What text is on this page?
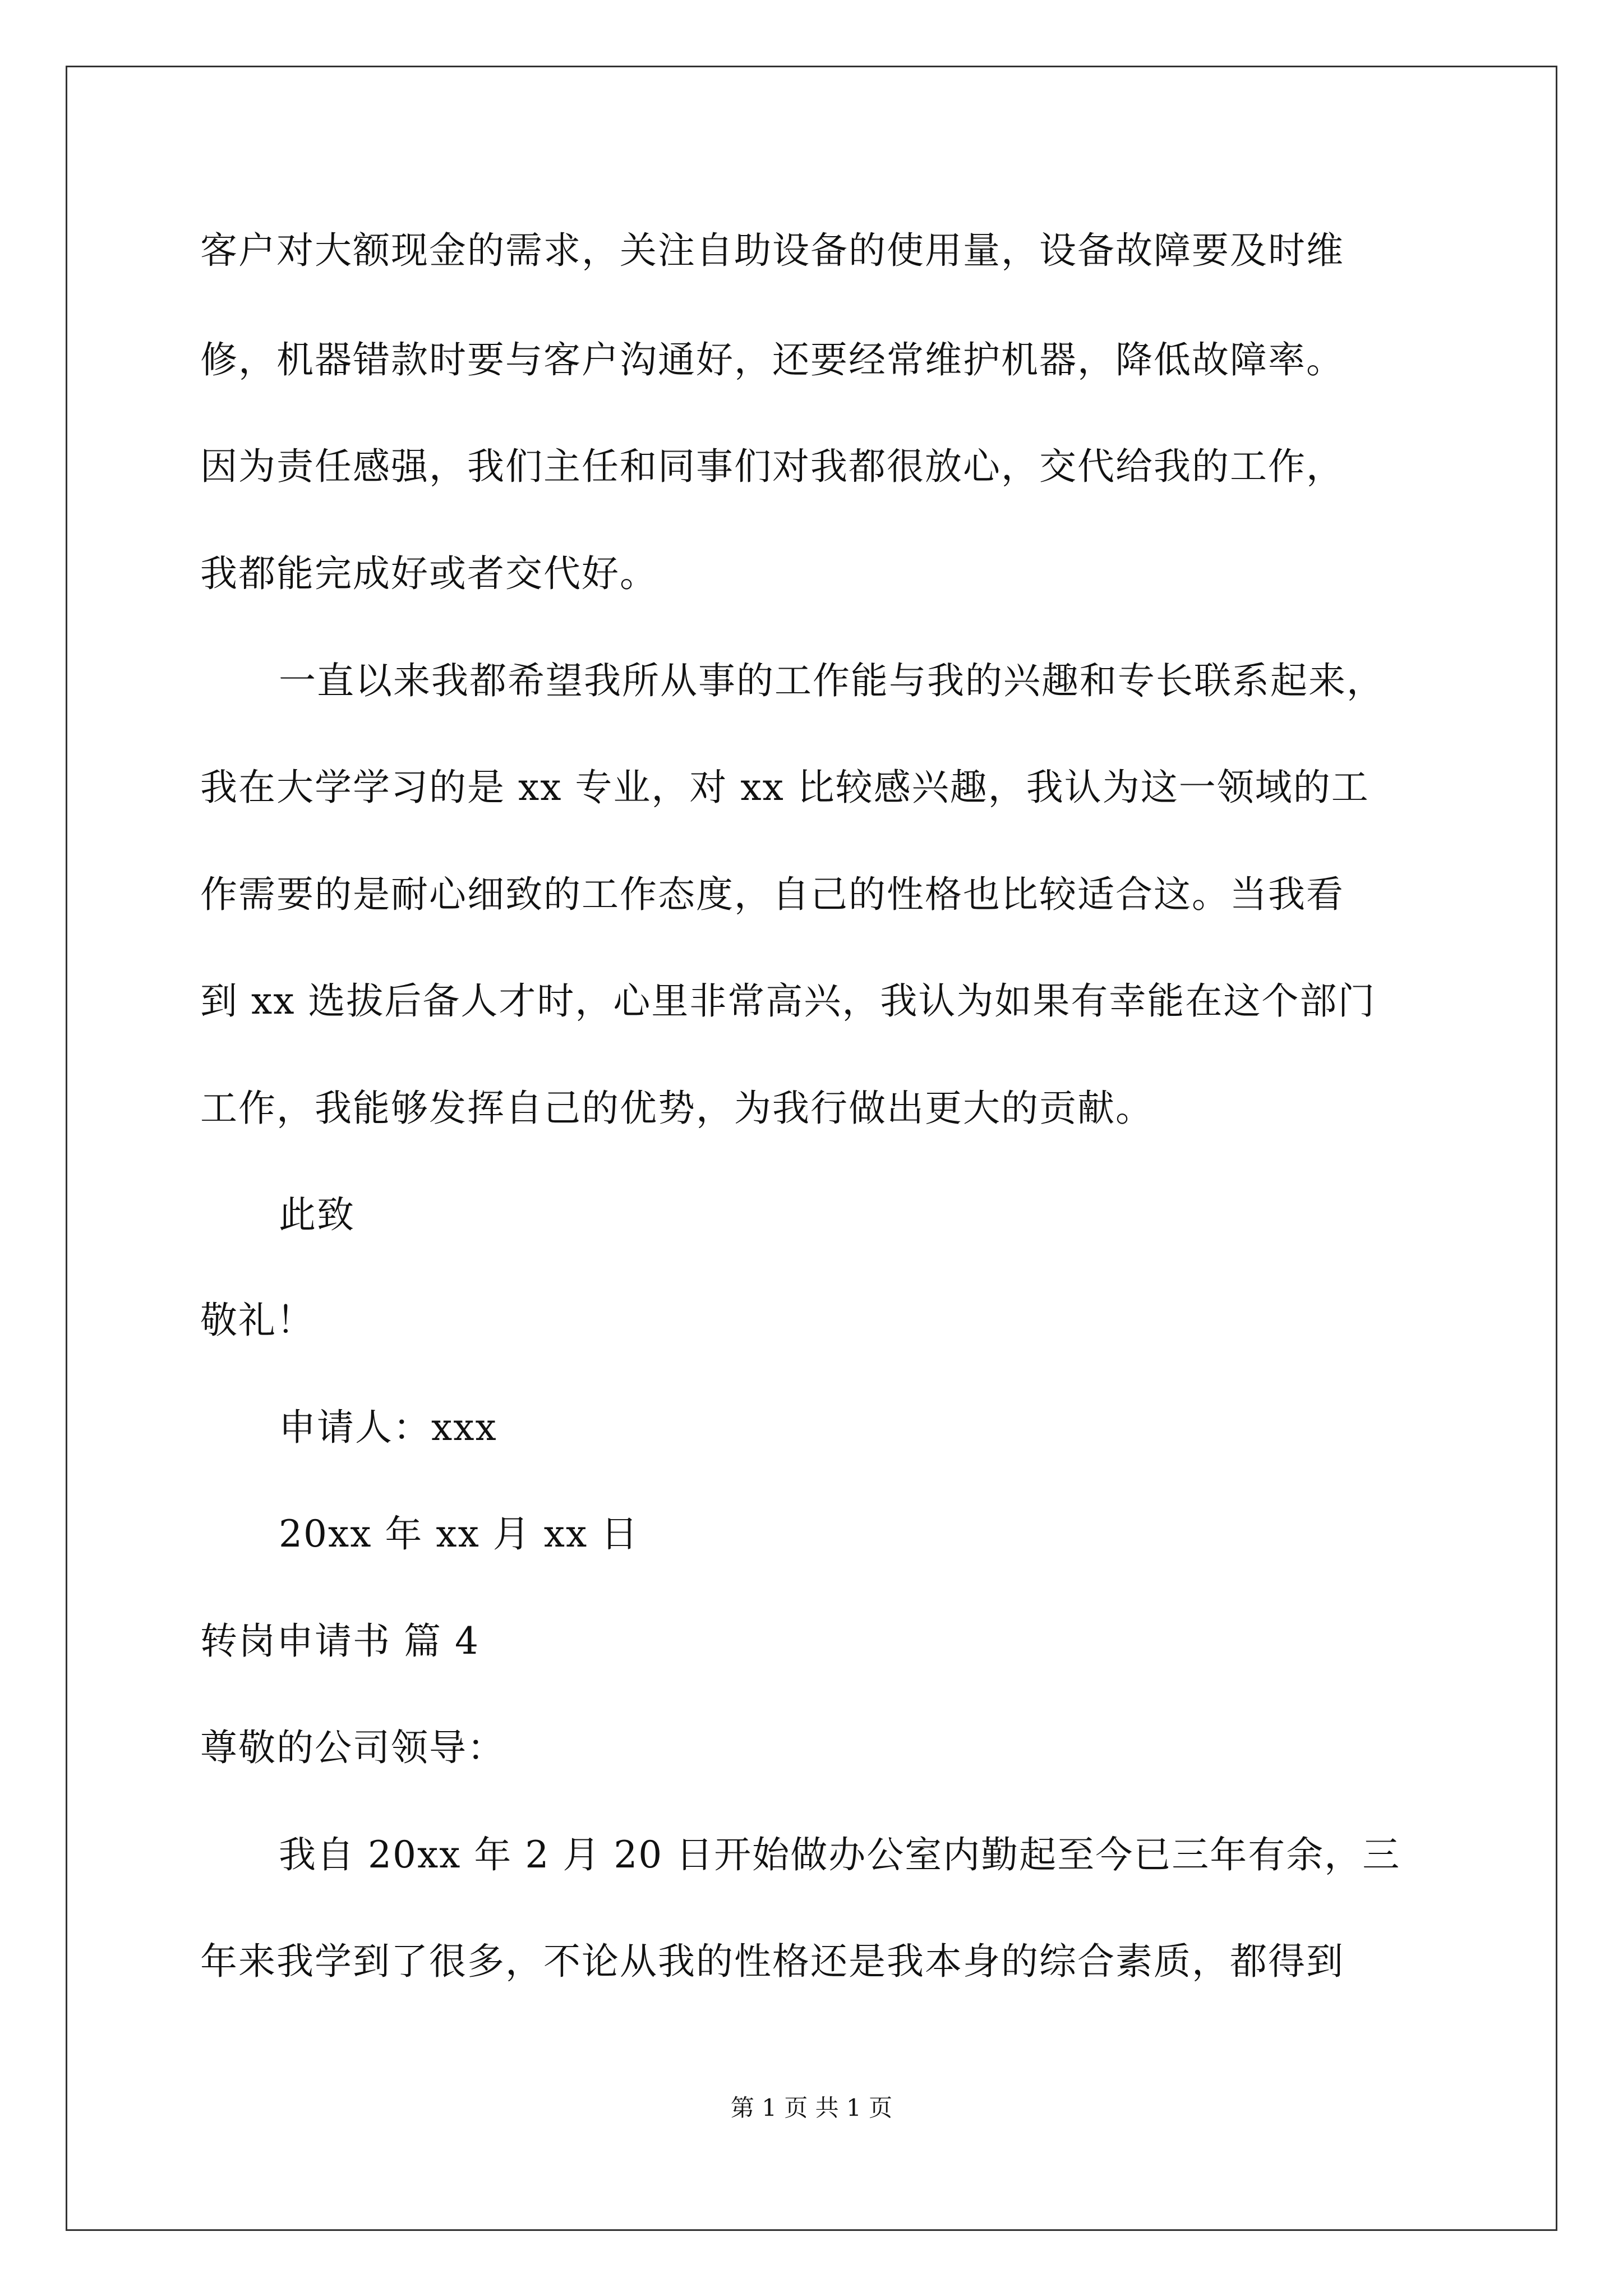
客户对大额现金的需求，关注自助设备的使用量，设备故障要及时维
修，机器错款时要与客户沟通好，还要经常维护机器，降低故障率。
因为责任感强，我们主任和同事们对我都很放心，交代给我的工作，
我都能完成好或者交代好。
一直以来我都希望我所从事的工作能与我的兴趣和专长联系起来，
我在大学学习的是 xx 专业，对 xx 比较感兴趣，我认为这一领域的工
作需要的是耐心细致的工作态度，自己的性格也比较适合这。当我看
到 xx 选拔后备人才时，心里非常高兴，我认为如果有幸能在这个部门
工作，我能够发挥自己的优势，为我行做出更大的贡献。
此致
敬礼！
申请人：xxx
20xx 年 xx 月 xx 日
转岗申请书 篇 4
尊敬的公司领导：
我自 20xx 年 2 月 20 日开始做办公室内勤起至今已三年有余，三
年来我学到了很多，不论从我的性格还是我本身的综合素质，都得到
第 1 页 共 1 页
